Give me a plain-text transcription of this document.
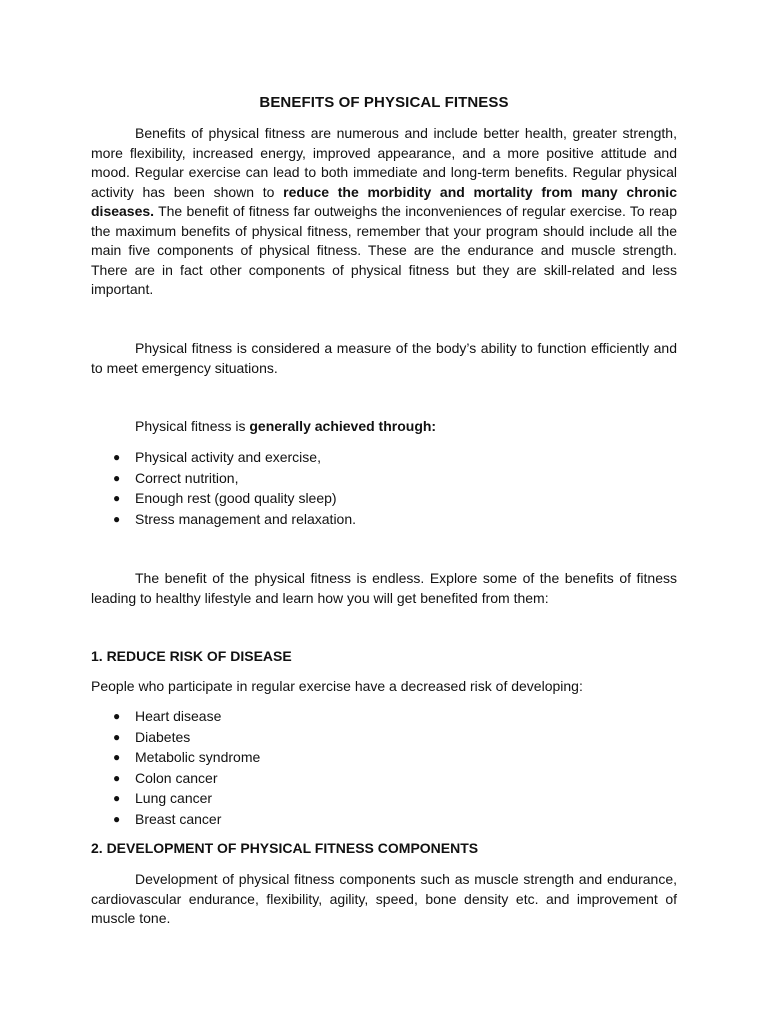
BENEFITS OF PHYSICAL FITNESS

Benefits of physical fitness are numerous and include better health, greater strength, more flexibility, increased energy, improved appearance, and a more positive attitude and mood. Regular exercise can lead to both immediate and long-term benefits. Regular physical activity has been shown to reduce the morbidity and mortality from many chronic diseases. The benefit of fitness far outweighs the inconveniences of regular exercise. To reap the maximum benefits of physical fitness, remember that your program should include all the main five components of physical fitness. These are the endurance and muscle strength. There are in fact other components of physical fitness but they are skill-related and less important.

Physical fitness is considered a measure of the body’s ability to function efficiently and to meet emergency situations.

Physical fitness is generally achieved through:

● Physical activity and exercise,
● Correct nutrition,
● Enough rest (good quality sleep)
● Stress management and relaxation.

The benefit of the physical fitness is endless. Explore some of the benefits of fitness leading to healthy lifestyle and learn how you will get benefited from them:

1. REDUCE RISK OF DISEASE

People who participate in regular exercise have a decreased risk of developing:

● Heart disease
● Diabetes
● Metabolic syndrome
● Colon cancer
● Lung cancer
● Breast cancer

2. DEVELOPMENT OF PHYSICAL FITNESS COMPONENTS

Development of physical fitness components such as muscle strength and endurance, cardiovascular endurance, flexibility, agility, speed, bone density etc. and improvement of muscle tone.
